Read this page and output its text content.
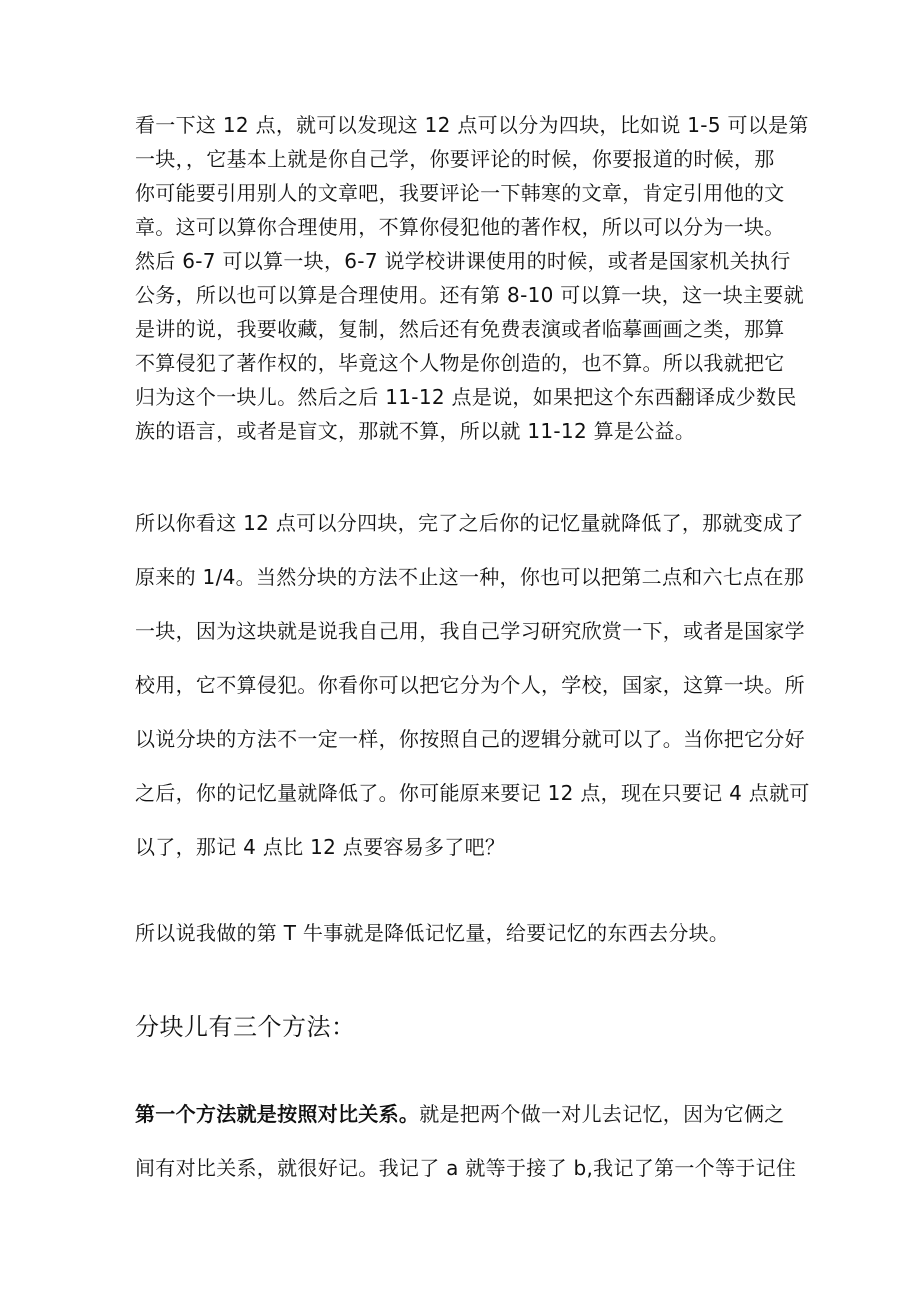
看一下这 12 点，就可以发现这 12 点可以分为四块，比如说 1-5 可以是第
一块，，它基本上就是你自己学，你要评论的时候，你要报道的时候，那
你可能要引用别人的文章吧，我要评论一下韩寒的文章，肯定引用他的文
章。这可以算你合理使用，不算你侵犯他的著作权，所以可以分为一块。
然后 6-7 可以算一块，6-7 说学校讲课使用的时候，或者是国家机关执行
公务，所以也可以算是合理使用。还有第 8-10 可以算一块，这一块主要就
是讲的说，我要收藏，复制，然后还有免费表演或者临摹画画之类，那算
不算侵犯了著作权的，毕竟这个人物是你创造的，也不算。所以我就把它
归为这个一块儿。然后之后 11-12 点是说，如果把这个东西翻译成少数民
族的语言，或者是盲文，那就不算，所以就 11-12 算是公益。

所以你看这 12 点可以分四块，完了之后你的记忆量就降低了，那就变成了
原来的 1/4。当然分块的方法不止这一种，你也可以把第二点和六七点在那
一块，因为这块就是说我自己用，我自己学习研究欣赏一下，或者是国家学
校用，它不算侵犯。你看你可以把它分为个人，学校，国家，这算一块。所
以说分块的方法不一定一样，你按照自己的逻辑分就可以了。当你把它分好
之后，你的记忆量就降低了。你可能原来要记 12 点，现在只要记 4 点就可
以了，那记 4 点比 12 点要容易多了吧？

所以说我做的第 T 牛事就是降低记忆量，给要记忆的东西去分块。

分块儿有三个方法：

第一个方法就是按照对比关系。就是把两个做一对儿去记忆，因为它俩之
间有对比关系，就很好记。我记了 a 就等于接了 b,我记了第一个等于记住
